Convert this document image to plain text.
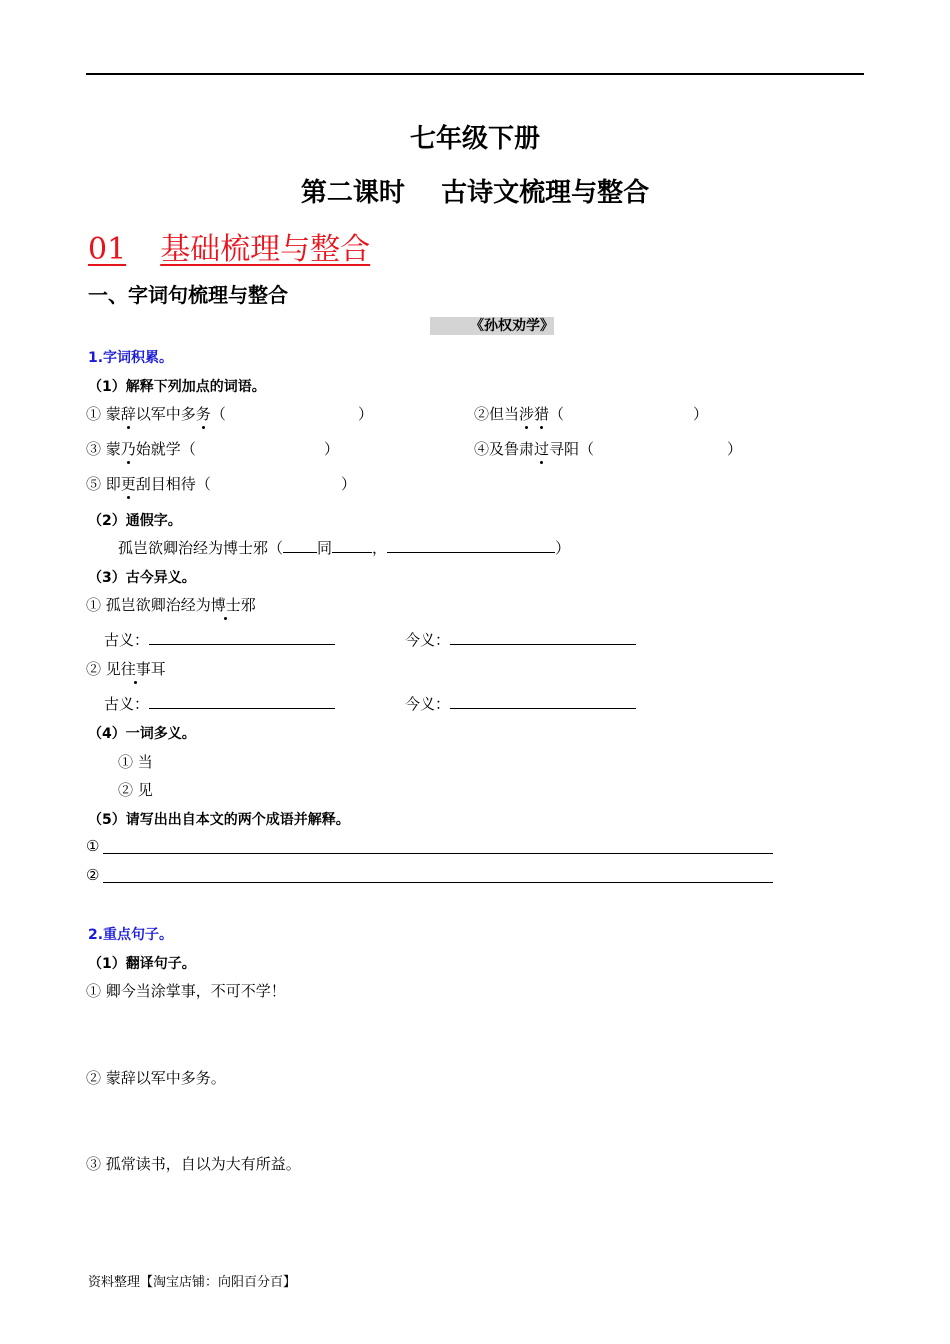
七年级下册
第二课时    古诗文梳理与整合
01 基础梳理与整合
一、字词句梳理与整合
《孙权劝学》
1.字词积累。
（1）解释下列加点的词语。
① 蒙辞以军中多务（	）	②但当涉猎（	）
③ 蒙乃始就学（	）	④及鲁肃过寻阳（	）
⑤ 即更刮目相待（	）
（2）通假字。
孤岂欲卿治经为博士邪（ 同	，	）
（3）古今异义。
① 孤岂欲卿治经为博士邪
古义：	今义：
② 见往事耳
古义：	今义：
（4）一词多义。
① 当
② 见
（5）请写出出自本文的两个成语并解释。
①
②
2.重点句子。
（1）翻译句子。
① 卿今当涂掌事，不可不学！
② 蒙辞以军中多务。
③ 孤常读书，自以为大有所益。
资料整理【淘宝店铺：向阳百分百】
